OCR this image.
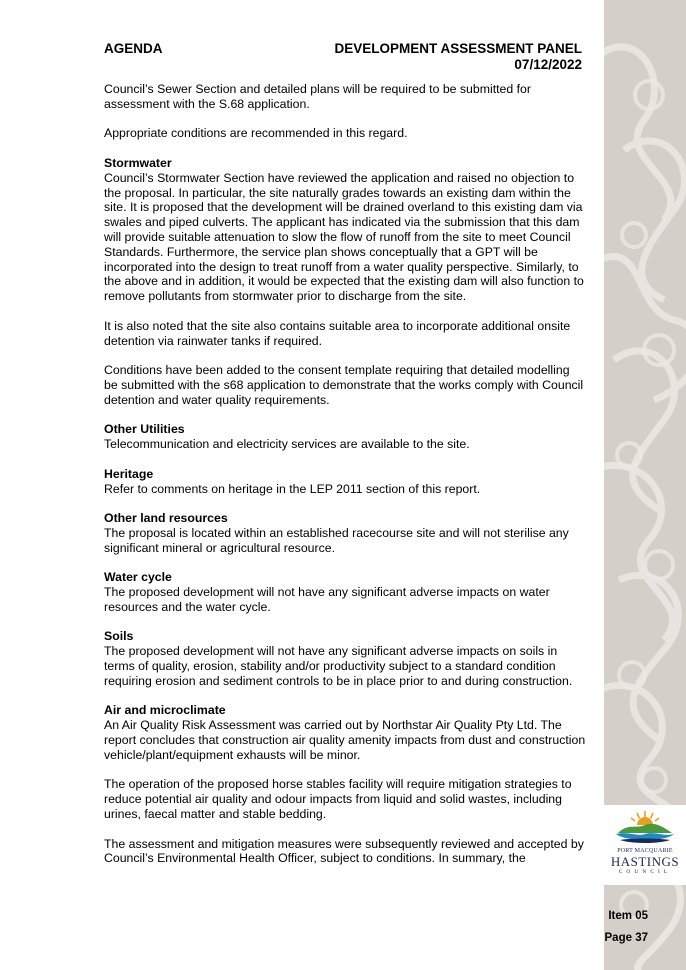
PORT MACQUARIE
HASTINGS
COUNCIL
AGENDA	DEVELOPMENT ASSESSMENT PANEL
07/12/2022

Council’s Sewer Section and detailed plans will be required to be submitted for assessment with the S.68 application.

Appropriate conditions are recommended in this regard.

Stormwater

Council’s Stormwater Section have reviewed the application and raised no objection to the proposal. In particular, the site naturally grades towards an existing dam within the site. It is proposed that the development will be drained overland to this existing dam via swales and piped culverts. The applicant has indicated via the submission that this dam will provide suitable attenuation to slow the flow of runoff from the site to meet Council Standards. Furthermore, the service plan shows conceptually that a GPT will be incorporated into the design to treat runoff from a water quality perspective. Similarly, to the above and in addition, it would be expected that the existing dam will also function to remove pollutants from stormwater prior to discharge from the site.

It is also noted that the site also contains suitable area to incorporate additional onsite detention via rainwater tanks if required.

Conditions have been added to the consent template requiring that detailed modelling be submitted with the s68 application to demonstrate that the works comply with Council detention and water quality requirements.

Other Utilities

Telecommunication and electricity services are available to the site.

Heritage

Refer to comments on heritage in the LEP 2011 section of this report.

Other land resources

The proposal is located within an established racecourse site and will not sterilise any significant mineral or agricultural resource.

Water cycle

The proposed development will not have any significant adverse impacts on water resources and the water cycle.

Soils

The proposed development will not have any significant adverse impacts on soils in terms of quality, erosion, stability and/or productivity subject to a standard condition requiring erosion and sediment controls to be in place prior to and during construction.

Air and microclimate

An Air Quality Risk Assessment was carried out by Northstar Air Quality Pty Ltd. The report concludes that construction air quality amenity impacts from dust and construction vehicle/plant/equipment exhausts will be minor.

The operation of the proposed horse stables facility will require mitigation strategies to reduce potential air quality and odour impacts from liquid and solid wastes, including urines, faecal matter and stable bedding.

The assessment and mitigation measures were subsequently reviewed and accepted by Council’s Environmental Health Officer, subject to conditions. In summary, the

Item 05
Page 37
